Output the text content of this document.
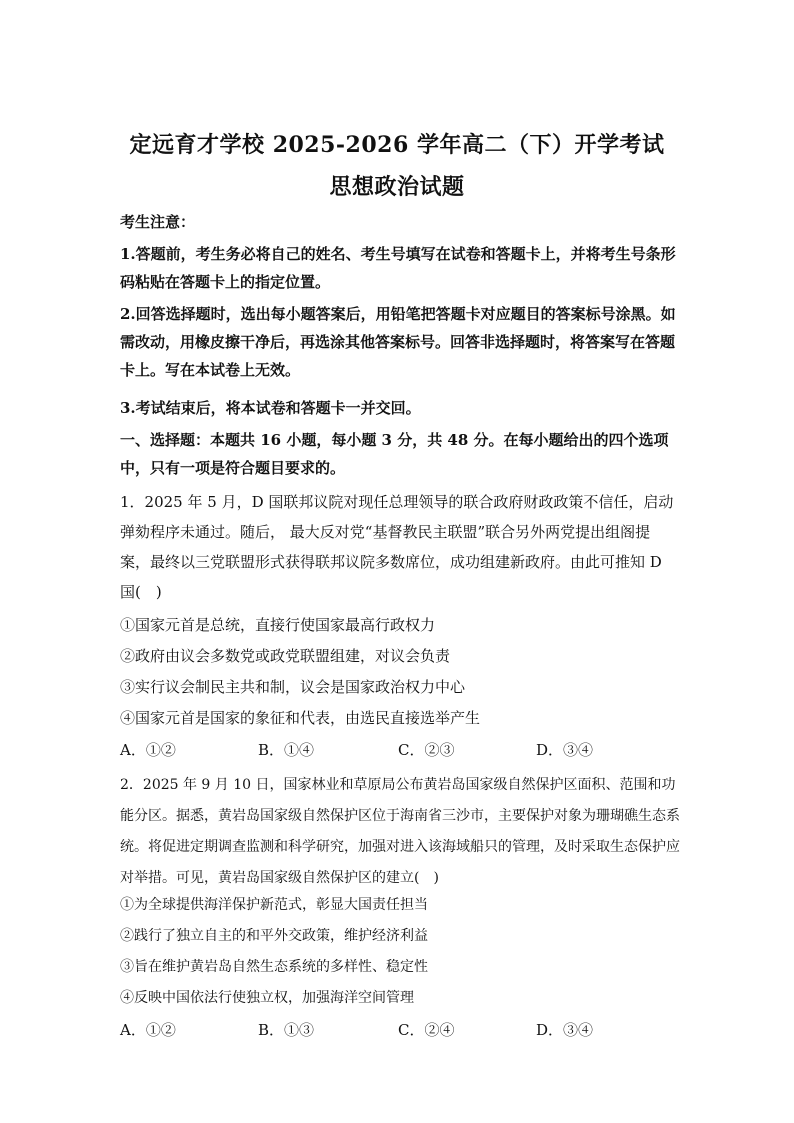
定远育才学校 2025-2026 学年高二（下）开学考试
思想政治试题
考生注意：
1.答题前，考生务必将自己的姓名、考生号填写在试卷和答题卡上，并将考生号条形码粘贴在答题卡上的指定位置。
2.回答选择题时，选出每小题答案后，用铅笔把答题卡对应题目的答案标号涂黑。如需改动，用橡皮擦干净后，再选涂其他答案标号。回答非选择题时，将答案写在答题卡上。写在本试卷上无效。
3.考试结束后，将本试卷和答题卡一并交回。
一、选择题：本题共 16 小题，每小题 3 分，共 48 分。在每小题给出的四个选项中，只有一项是符合题目要求的。
1．2025 年 5 月，D 国联邦议院对现任总理领导的联合政府财政政策不信任，启动弹劾程序未通过。随后， 最大反对党“基督教民主联盟”联合另外两党提出组阁提案，最终以三党联盟形式获得联邦议院多数席位，成功组建新政府。由此可推知 D 国(　)
①国家元首是总统，直接行使国家最高行政权力
②政府由议会多数党或政党联盟组建，对议会负责
③实行议会制民主共和制，议会是国家政治权力中心
④国家元首是国家的象征和代表，由选民直接选举产生
A．①②	B．①④	C．②③	D．③④
2．2025 年 9 月 10 日，国家林业和草原局公布黄岩岛国家级自然保护区面积、范围和功能分区。据悉，黄岩岛国家级自然保护区位于海南省三沙市，主要保护对象为珊瑚礁生态系统。将促进定期调查监测和科学研究，加强对进入该海域船只的管理，及时采取生态保护应对举措。可见，黄岩岛国家级自然保护区的建立(　)
①为全球提供海洋保护新范式，彰显大国责任担当
②践行了独立自主的和平外交政策，维护经济利益
③旨在维护黄岩岛自然生态系统的多样性、稳定性
④反映中国依法行使独立权，加强海洋空间管理
A．①②	B．①③	C．②④	D．③④
